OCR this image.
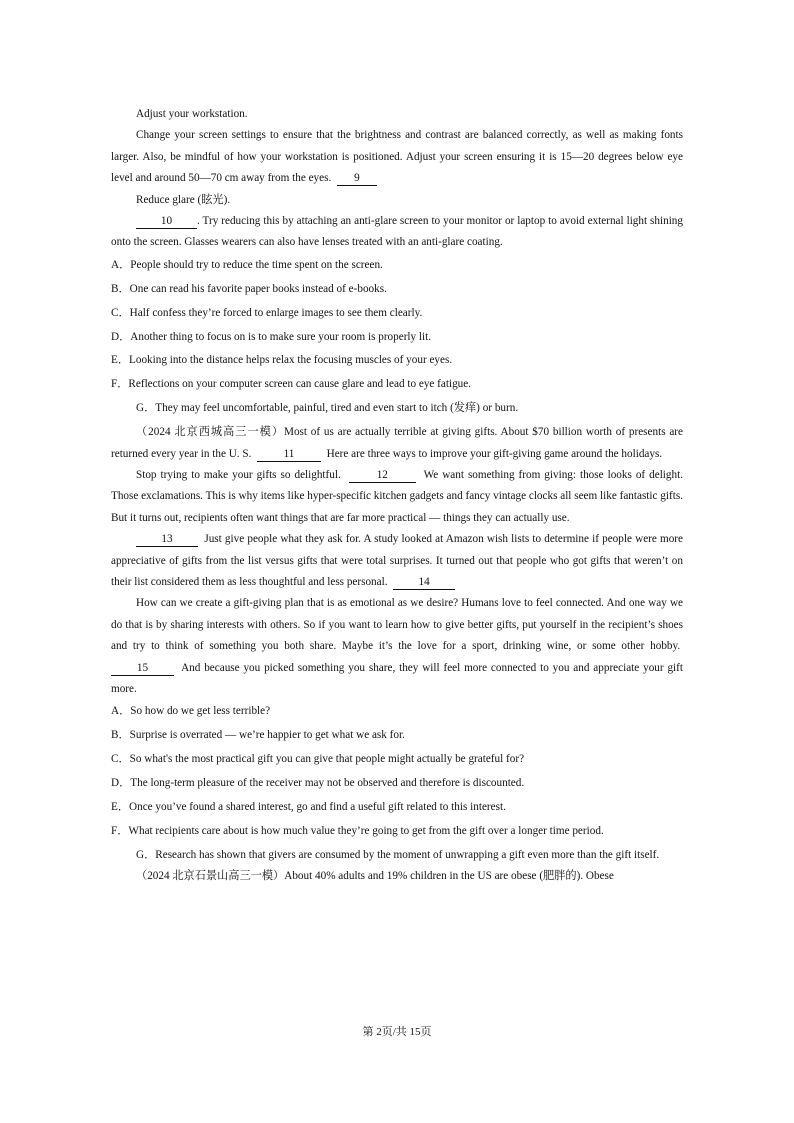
Adjust your workstation.

Change your screen settings to ensure that the brightness and contrast are balanced correctly, as well as making fonts larger. Also, be mindful of how your workstation is positioned. Adjust your screen ensuring it is 15—20 degrees below eye level and around 50—70 cm away from the eyes. 9

Reduce glare (眩光).

10 . Try reducing this by attaching an anti-glare screen to your monitor or laptop to avoid external light shining onto the screen. Glasses wearers can also have lenses treated with an anti-glare coating.

A．People should try to reduce the time spent on the screen.

B．One can read his favorite paper books instead of e-books.

C．Half confess they’re forced to enlarge images to see them clearly.

D．Another thing to focus on is to make sure your room is properly lit.

E．Looking into the distance helps relax the focusing muscles of your eyes.

F．Reflections on your computer screen can cause glare and lead to eye fatigue.

G．They may feel uncomfortable, painful, tired and even start to itch (发痒) or burn.

（2024 北京西城高三一模）Most of us are actually terrible at giving gifts. About $70 billion worth of presents are returned every year in the U. S.	11	Here are three ways to improve your gift-giving game around the holidays.

Stop trying to make your gifts so delightful.	12	We want something from giving: those looks of delight. Those exclamations. This is why items like hyper-specific kitchen gadgets and fancy vintage clocks all seem like fantastic gifts. But it turns out, recipients often want things that are far more practical — things they can actually use.

13	Just give people what they ask for. A study looked at Amazon wish lists to determine if people were more appreciative of gifts from the list versus gifts that were total surprises. It turned out that people who got gifts that weren’t on their list considered them as less thoughtful and less personal.	14

How can we create a gift-giving plan that is as emotional as we desire? Humans love to feel connected. And one way we do that is by sharing interests with others. So if you want to learn how to give better gifts, put yourself in the recipient’s shoes and try to think of something you both share. Maybe it’s the love for a sport, drinking wine, or some other hobby.  15	And because you picked something you share, they will feel more connected to you and appreciate your gift more.

A．So how do we get less terrible?

B．Surprise is overrated — we’re happier to get what we ask for.

C．So what's the most practical gift you can give that people might actually be grateful for?

D．The long-term pleasure of the receiver may not be observed and therefore is discounted.

E．Once you’ve found a shared interest, go and find a useful gift related to this interest.

F．What recipients care about is how much value they’re going to get from the gift over a longer time period.

G．Research has shown that givers are consumed by the moment of unwrapping a gift even more than the gift itself.

（2024 北京石景山高三一模）About 40% adults and 19% children in the US are obese (肥胖的). Obese

第 2页/共 15页
